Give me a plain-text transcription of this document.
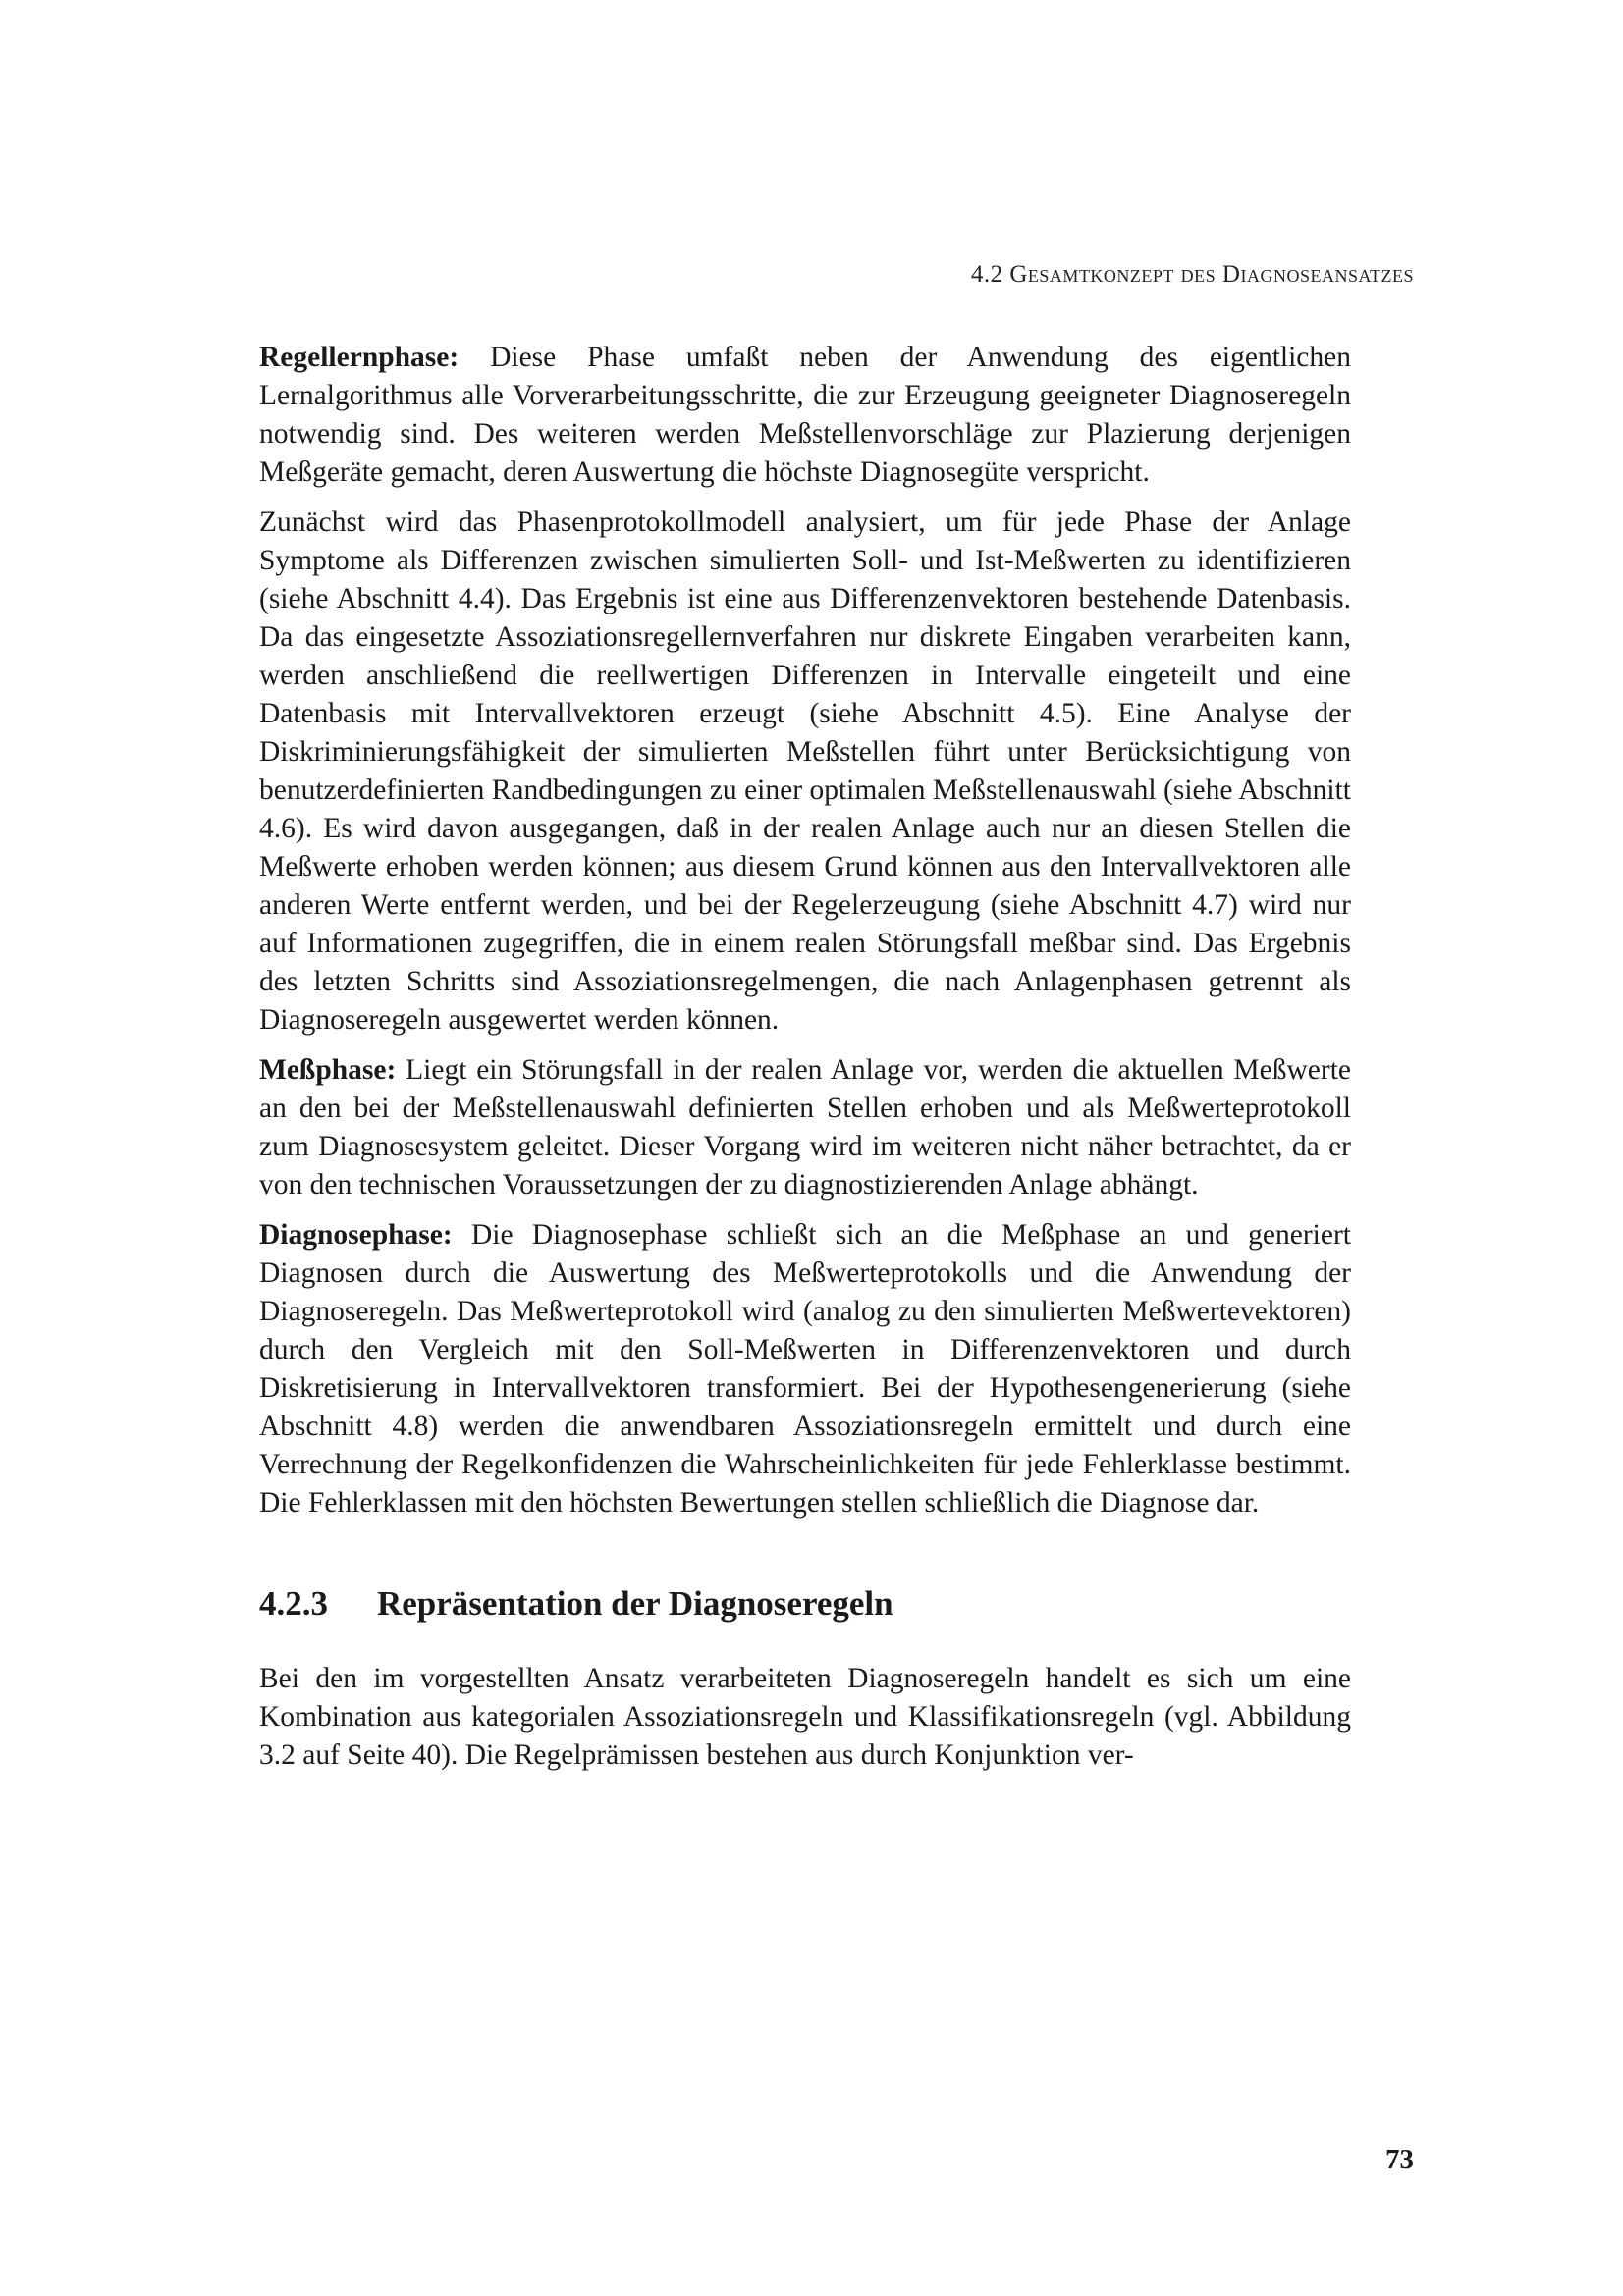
4.2 Gesamtkonzept des Diagnoseansatzes

Regellernphase: Diese Phase umfaßt neben der Anwendung des eigentlichen Lernalgorithmus alle Vorverarbeitungsschritte, die zur Erzeugung geeigneter Diagnoseregeln notwendig sind. Des weiteren werden Meßstellenvorschläge zur Plazierung derjenigen Meßgeräte gemacht, deren Auswertung die höchste Diagnosegüte verspricht.

Zunächst wird das Phasenprotokollmodell analysiert, um für jede Phase der Anlage Symptome als Differenzen zwischen simulierten Soll- und Ist-Meßwerten zu identifizieren (siehe Abschnitt 4.4). Das Ergebnis ist eine aus Differenzenvektoren bestehende Datenbasis. Da das eingesetzte Assoziationsregellernverfahren nur diskrete Eingaben verarbeiten kann, werden anschließend die reellwertigen Differenzen in Intervalle eingeteilt und eine Datenbasis mit Intervallvektoren erzeugt (siehe Abschnitt 4.5). Eine Analyse der Diskriminierungsfähigkeit der simulierten Meßstellen führt unter Berücksichtigung von benutzerdefinierten Randbedingungen zu einer optimalen Meßstellenauswahl (siehe Abschnitt 4.6). Es wird davon ausgegangen, daß in der realen Anlage auch nur an diesen Stellen die Meßwerte erhoben werden können; aus diesem Grund können aus den Intervallvektoren alle anderen Werte entfernt werden, und bei der Regelerzeugung (siehe Abschnitt 4.7) wird nur auf Informationen zugegriffen, die in einem realen Störungsfall meßbar sind. Das Ergebnis des letzten Schritts sind Assoziationsregelmengen, die nach Anlagenphasen getrennt als Diagnoseregeln ausgewertet werden können.

Meßphase: Liegt ein Störungsfall in der realen Anlage vor, werden die aktuellen Meßwerte an den bei der Meßstellenauswahl definierten Stellen erhoben und als Meßwerteprotokoll zum Diagnosesystem geleitet. Dieser Vorgang wird im weiteren nicht näher betrachtet, da er von den technischen Voraussetzungen der zu diagnostizierenden Anlage abhängt.

Diagnosephase: Die Diagnosephase schließt sich an die Meßphase an und generiert Diagnosen durch die Auswertung des Meßwerteprotokolls und die Anwendung der Diagnoseregeln. Das Meßwerteprotokoll wird (analog zu den simulierten Meßwertevektoren) durch den Vergleich mit den Soll-Meßwerten in Differenzenvektoren und durch Diskretisierung in Intervallvektoren transformiert. Bei der Hypothesengenerierung (siehe Abschnitt 4.8) werden die anwendbaren Assoziationsregeln ermittelt und durch eine Verrechnung der Regelkonfidenzen die Wahrscheinlichkeiten für jede Fehlerklasse bestimmt. Die Fehlerklassen mit den höchsten Bewertungen stellen schließlich die Diagnose dar.

4.2.3 Repräsentation der Diagnoseregeln

Bei den im vorgestellten Ansatz verarbeiteten Diagnoseregeln handelt es sich um eine Kombination aus kategorialen Assoziationsregeln und Klassifikationsregeln (vgl. Abbildung 3.2 auf Seite 40). Die Regelprämissen bestehen aus durch Konjunktion ver-

73
